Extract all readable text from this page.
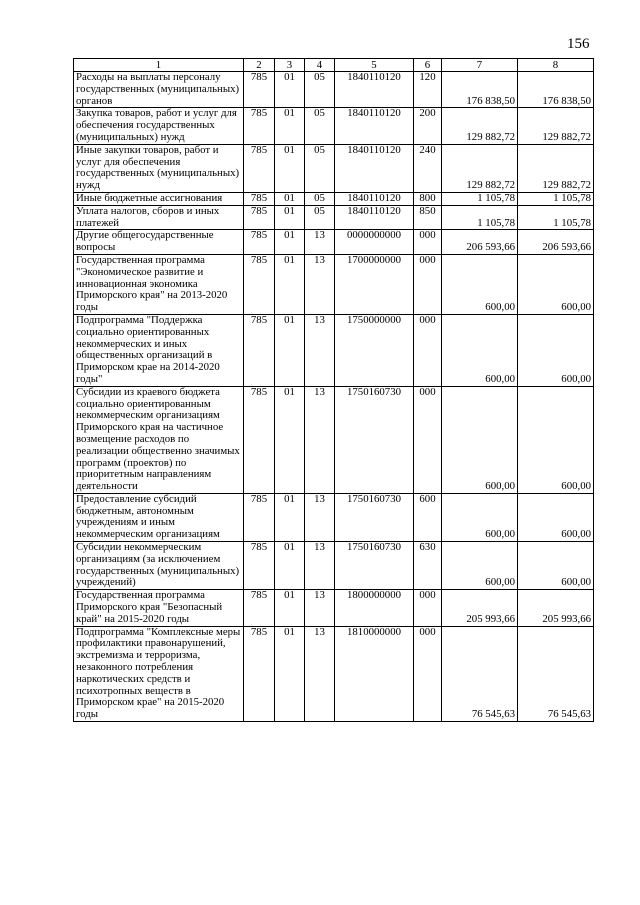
156
1	2	3	4	5	6	7	8
Расходы на выплаты персоналу государственных (муниципальных) органов	785	01	05	1840110120	120	176 838,50	176 838,50
Закупка товаров, работ и услуг для обеспечения государственных (муниципальных) нужд	785	01	05	1840110120	200	129 882,72	129 882,72
Иные закупки товаров, работ и услуг для обеспечения государственных (муниципальных) нужд	785	01	05	1840110120	240	129 882,72	129 882,72
Иные бюджетные ассигнования	785	01	05	1840110120	800	1 105,78	1 105,78
Уплата налогов, сборов и иных платежей	785	01	05	1840110120	850	1 105,78	1 105,78
Другие общегосударственные вопросы	785	01	13	0000000000	000	206 593,66	206 593,66
Государственная программа "Экономическое развитие и инновационная экономика Приморского края" на 2013-2020 годы	785	01	13	1700000000	000	600,00	600,00
Подпрограмма "Поддержка социально ориентированных некоммерческих и иных общественных организаций в Приморском крае на 2014-2020 годы"	785	01	13	1750000000	000	600,00	600,00
Субсидии из краевого бюджета социально ориентированным некоммерческим организациям Приморского края на частичное возмещение расходов по реализации общественно значимых программ (проектов) по приоритетным направлениям деятельности	785	01	13	1750160730	000	600,00	600,00
Предоставление субсидий бюджетным, автономным учреждениям и иным некоммерческим организациям	785	01	13	1750160730	600	600,00	600,00
Субсидии некоммерческим организациям (за исключением государственных (муниципальных) учреждений)	785	01	13	1750160730	630	600,00	600,00
Государственная программа Приморского края "Безопасный край" на 2015-2020 годы	785	01	13	1800000000	000	205 993,66	205 993,66
Подпрограмма "Комплексные меры профилактики правонарушений, экстремизма и терроризма, незаконного потребления наркотических средств и психотропных веществ в Приморском крае" на 2015-2020 годы	785	01	13	1810000000	000	76 545,63	76 545,63
